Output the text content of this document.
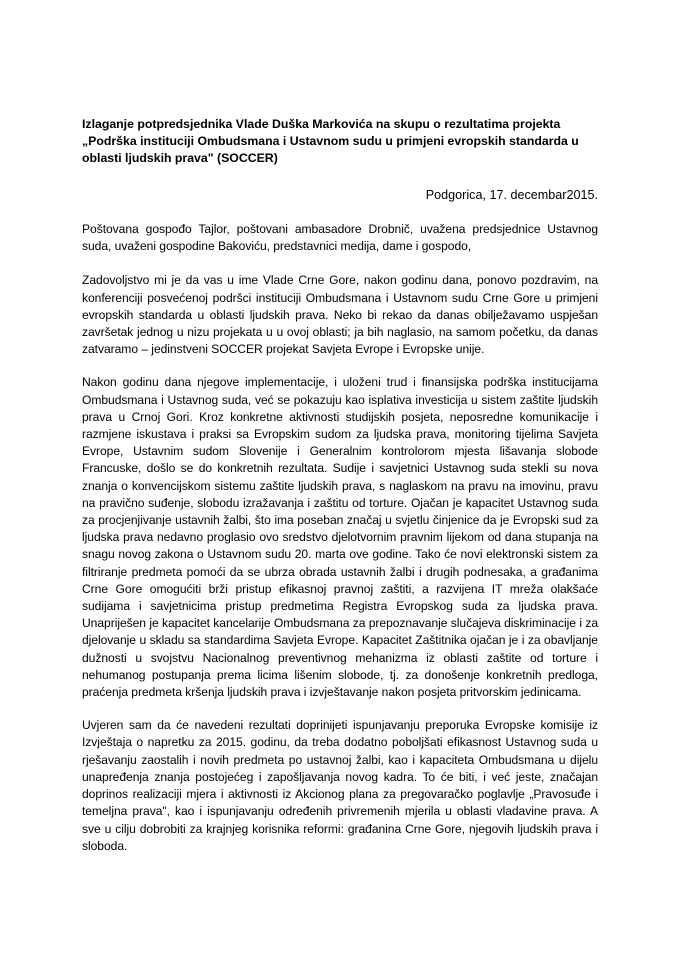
Izlaganje potpredsjednika Vlade Duška Markovića na skupu o rezultatima projekta
„Podrška instituciji Ombudsmana i Ustavnom sudu u primjeni evropskih standarda u
oblasti ljudskih prava" (SOCCER)
Podgorica, 17. decembar2015.

Poštovana gospođo Tajlor, poštovani ambasadore Drobnič, uvažena predsjednice Ustavnog suda, uvaženi gospodine Bakoviću, predstavnici medija, dame i gospodo,

Zadovoljstvo mi je da vas u ime Vlade Crne Gore, nakon godinu dana, ponovo pozdravim, na konferenciji posvećenoj podršci instituciji Ombudsmana i Ustavnom sudu Crne Gore u primjeni evropskih standarda u oblasti ljudskih prava. Neko bi rekao da danas obilježavamo uspješan završetak jednog u nizu projekata u u ovoj oblasti; ja bih naglasio, na samom početku, da danas zatvaramo – jedinstveni SOCCER projekat Savjeta Evrope i Evropske unije.

Nakon godinu dana njegove implementacije, i uloženi trud i finansijska podrška institucijama Ombudsmana i Ustavnog suda, već se pokazuju kao isplativa investicija u sistem zaštite ljudskih prava u Crnoj Gori. Kroz konkretne aktivnosti studijskih posjeta, neposredne komunikacije i razmjene iskustava i praksi sa Evropskim sudom za ljudska prava, monitoring tijelima Savjeta Evrope, Ustavnim sudom Slovenije i Generalnim kontrolorom mjesta lišavanja slobode Francuske, došlo se do konkretnih rezultata. Sudije i savjetnici Ustavnog suda stekli su nova znanja o konvencijskom sistemu zaštite ljudskih prava, s naglaskom na pravu na imovinu, pravu na pravično suđenje, slobodu izražavanja i zaštitu od torture. Ojačan je kapacitet Ustavnog suda za procjenjivanje ustavnih žalbi, što ima poseban značaj u svjetlu činjenice da je Evropski sud za ljudska prava nedavno proglasio ovo sredstvo djelotvornim pravnim lijekom od dana stupanja na snagu novog zakona o Ustavnom sudu 20. marta ove godine. Tako će novi elektronski sistem za filtriranje predmeta pomoći da se ubrza obrada ustavnih žalbi i drugih podnesaka, a građanima Crne Gore omogućiti brži pristup efikasnoj pravnoj zaštiti, a razvijena IT mreža olakšaće sudijama i savjetnicima pristup predmetima Registra Evropskog suda za ljudska prava. Unapriješen je kapacitet kancelarije Ombudsmana za prepoznavanje slučajeva diskriminacije i za djelovanje u skladu sa standardima Savjeta Evrope. Kapacitet Zaštitnika ojačan je i za obavljanje dužnosti u svojstvu Nacionalnog preventivnog mehanizma iz oblasti zaštite od torture i nehumanog postupanja prema licima lišenim slobode, tj. za donošenje konkretnih predloga, praćenja predmeta kršenja ljudskih prava i izvještavanje nakon posjeta pritvorskim jedinicama.

Uvjeren sam da će navedeni rezultati doprinijeti ispunjavanju preporuka Evropske komisije iz Izvještaja o napretku za 2015. godinu, da treba dodatno poboljšati efikasnost Ustavnog suda u rješavanju zaostalih i novih predmeta po ustavnoj žalbi, kao i kapaciteta Ombudsmana u dijelu unapređenja znanja postojećeg i zapošljavanja novog kadra. To će biti, i već jeste, značajan doprinos realizaciji mjera i aktivnosti iz Akcionog plana za pregovaračko poglavlje „Pravosuđe i temeljna prava", kao i ispunjavanju određenih privremenih mjerila u oblasti vladavine prava. A sve u cilju dobrobiti za krajnjeg korisnika reformi: građanina Crne Gore, njegovih ljudskih prava i sloboda.
